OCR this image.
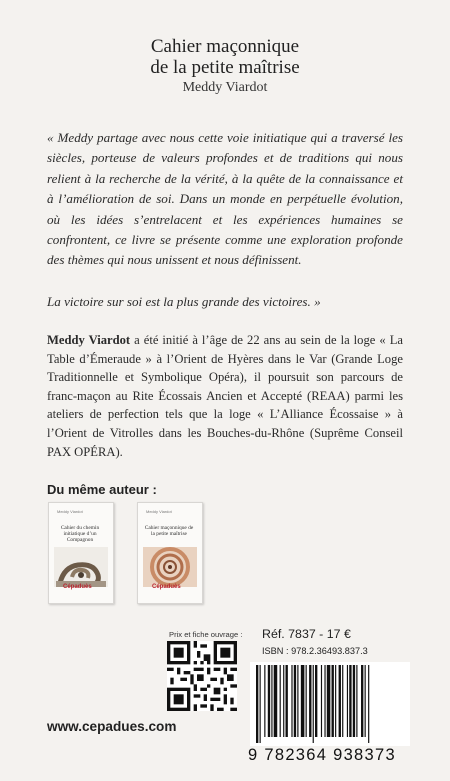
Cahier maçonnique
de la petite maîtrise
Meddy Viardot
« Meddy partage avec nous cette voie initiatique qui a traversé les siècles, porteuse de valeurs profondes et de traditions qui nous relient à la recherche de la vérité, à la quête de la connaissance et à l’amélioration de soi. Dans un monde en perpétuelle évolution, où les idées s’entrelacent et les expériences humaines se confrontent, ce livre se présente comme une exploration profonde des thèmes qui nous unissent et nous définissent.
La victoire sur soi est la plus grande des victoires. »
Meddy Viardot a été initié à l’âge de 22 ans au sein de la loge « La Table d’Émeraude » à l’Orient de Hyères dans le Var (Grande Loge Traditionnelle et Symbolique Opéra), il poursuit son parcours de franc-maçon au Rite Écossais Ancien et Accepté (REAA) parmi les ateliers de perfection tels que la loge « L’Alliance Écossaise » à l’Orient de Vitrolles dans les Bouches-du-Rhône (Suprême Conseil PAX OPÉRA).
Du même auteur :
Meddy Viardot
Cahier du chemin initiatique d’un Compagnon
Cépaduès
Meddy Viardot
Cahier maçonnique de la petite maîtrise
Cépaduès
Prix et fiche ouvrage : Réf. 7837 - 17 €
ISBN : 978.2.36493.837.3
9 782364 938373
www.cepadues.com
